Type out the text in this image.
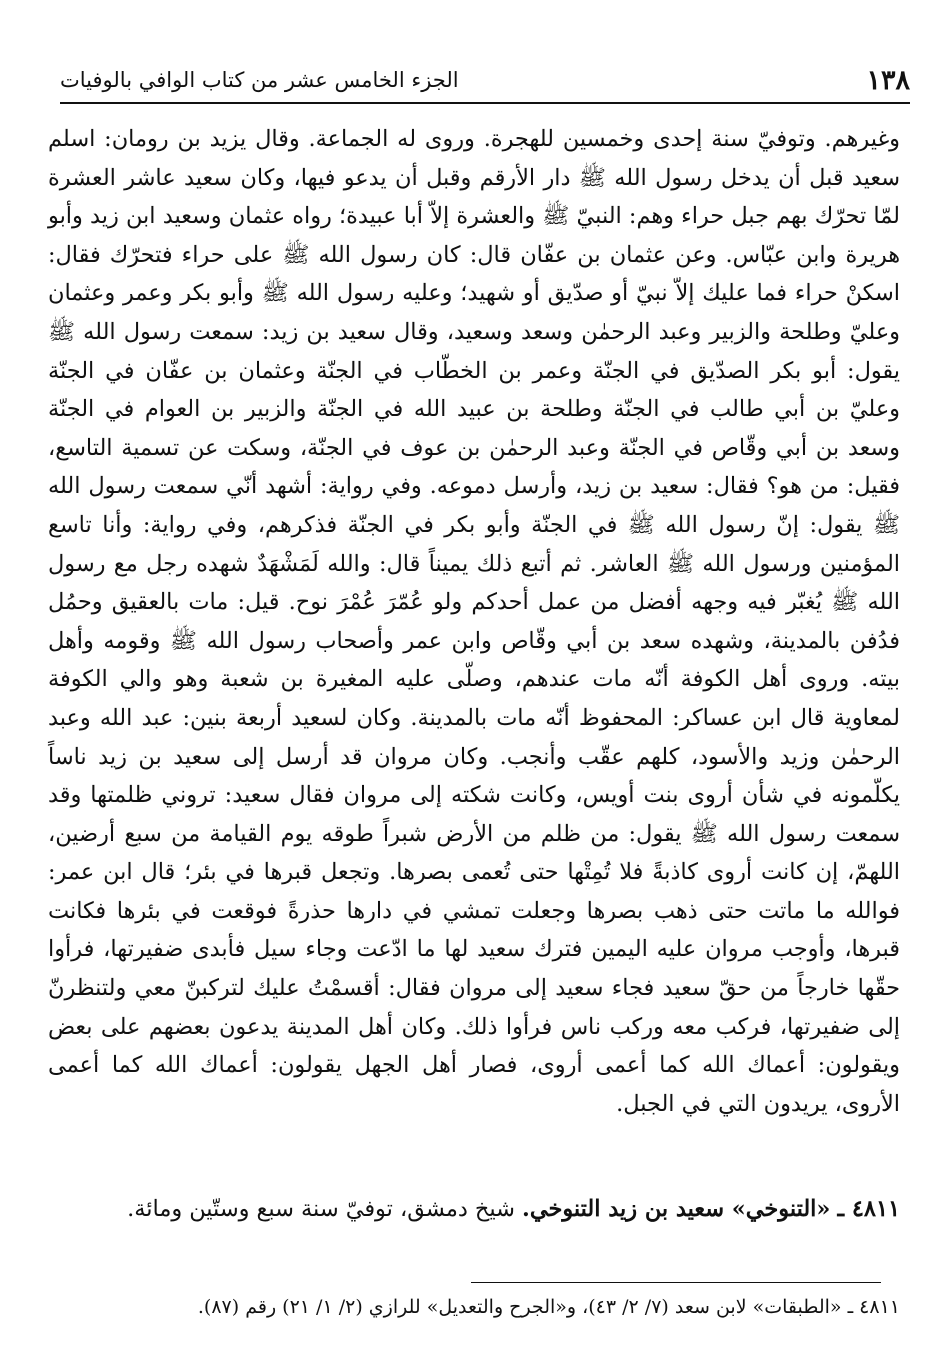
١٣٨
الجزء الخامس عشر من كتاب الوافي بالوفيات

وغيرهم. وتوفيّ سنة إحدى وخمسين للهجرة. وروى له الجماعة. وقال يزيد بن رومان: اسلم سعيد قبل أن يدخل رسول الله ﷺ دار الأرقم وقبل أن يدعو فيها، وكان سعيد عاشر العشرة لمّا تحرّك بهم جبل حراء وهم: النبيّ ﷺ والعشرة إلاّ أبا عبيدة؛ رواه عثمان وسعيد ابن زيد وأبو هريرة وابن عبّاس. وعن عثمان بن عفّان قال: كان رسول الله ﷺ على حراء فتحرّك فقال: اسكنْ حراء فما عليك إلاّ نبيّ أو صدّيق أو شهيد؛ وعليه رسول الله ﷺ وأبو بكر وعمر وعثمان وعليّ وطلحة والزبير وعبد الرحمٰن وسعد وسعيد، وقال سعيد بن زيد: سمعت رسول الله ﷺ يقول: أبو بكر الصدّيق في الجنّة وعمر بن الخطّاب في الجنّة وعثمان بن عفّان في الجنّة وعليّ بن أبي طالب في الجنّة وطلحة بن عبيد الله في الجنّة والزبير بن العوام في الجنّة وسعد بن أبي وقّاص في الجنّة وعبد الرحمٰن بن عوف في الجنّة، وسكت عن تسمية التاسع، فقيل: من هو؟ فقال: سعيد بن زيد، وأرسل دموعه. وفي رواية: أشهد أنّي سمعت رسول الله ﷺ يقول: إنّ رسول الله ﷺ في الجنّة وأبو بكر في الجنّة فذكرهم، وفي رواية: وأنا تاسع المؤمنين ورسول الله ﷺ العاشر. ثم أتبع ذلك يميناً قال: والله لَمَشْهَدٌ شهده رجل مع رسول الله ﷺ يُغبّر فيه وجهه أفضل من عمل أحدكم ولو عُمّرَ عُمْرَ نوح. قيل: مات بالعقيق وحمُل فدُفن بالمدينة، وشهده سعد بن أبي وقّاص وابن عمر وأصحاب رسول الله ﷺ وقومه وأهل بيته. وروى أهل الكوفة أنّه مات عندهم، وصلّى عليه المغيرة بن شعبة وهو والي الكوفة لمعاوية قال ابن عساكر: المحفوظ أنّه مات بالمدينة. وكان لسعيد أربعة بنين: عبد الله وعبد الرحمٰن وزيد والأسود، كلهم عقّب وأنجب. وكان مروان قد أرسل إلى سعيد بن زيد ناساً يكلّمونه في شأن أروى بنت أويس، وكانت شكته إلى مروان فقال سعيد: تروني ظلمتها وقد سمعت رسول الله ﷺ يقول: من ظلم من الأرض شبراً طوقه يوم القيامة من سبع أرضين، اللهمّ، إن كانت أروى كاذبةً فلا تُمِتْها حتى تُعمى بصرها. وتجعل قبرها في بئر؛ قال ابن عمر: فوالله ما ماتت حتى ذهب بصرها وجعلت تمشي في دارها حذرةً فوقعت في بئرها فكانت قبرها، وأوجب مروان عليه اليمين فترك سعيد لها ما ادّعت وجاء سيل فأبدى ضفيرتها، فرأوا حقّها خارجاً من حقّ سعيد فجاء سعيد إلى مروان فقال: أقسمْتُ عليك لتركبنّ معي ولتنظرنّ إلى ضفيرتها، فركب معه وركب ناس فرأوا ذلك. وكان أهل المدينة يدعون بعضهم على بعض ويقولون: أعماك الله كما أعمى أروى، فصار أهل الجهل يقولون: أعماك الله كما أعمى الأروى، يريدون التي في الجبل.

٤٨١١ ـ «التنوخي» سعيد بن زيد التنوخي. شيخ دمشق، توفيّ سنة سبع وستّين ومائة.

٤٨١١ ـ «الطبقات» لابن سعد (٧/ ٢/ ٤٣)، و«الجرح والتعديل» للرازي (٢/ ١/ ٢١) رقم (٨٧).
